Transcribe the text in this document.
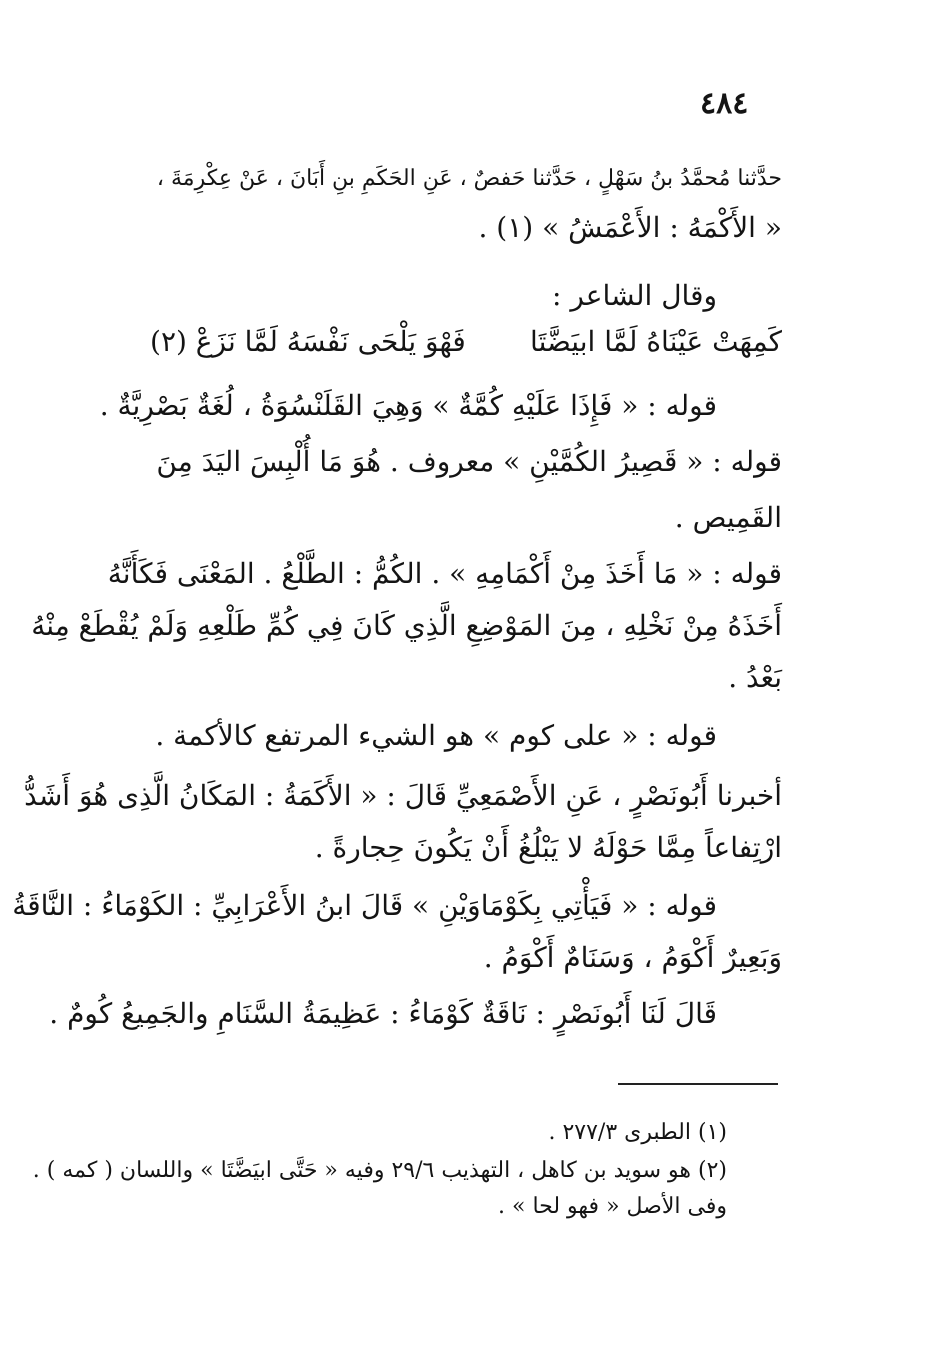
٤٨٤
حدَّثنا مُحمَّدُ بنُ سَهْلٍ ، حَدَّثنا حَفصٌ ، عَنِ الحَكَمِ بنِ أَبَانَ ، عَنْ عِكْرِمَةَ ،
« الأَكْمَهُ : الأَعْمَشُ » (١) .
وقال الشاعر :
كَمِهَتْ عَيْنَاهُ لَمَّا ابيَضَّتَا
فَهْوَ يَلْحَى نَفْسَهُ لَمَّا نَزَعْ (٢)
قوله : « فَإِذَا عَلَيْهِ كُمَّةٌ » وَهِيَ القَلَنْسُوَةُ ، لُغَةٌ بَصْرِيَّةٌ .
قوله : « قَصِيرُ الكُمَّيْنِ » معروف . هُوَ مَا أُلْبِسَ اليَدَ مِنَ
القَمِيص .
قوله : « مَا أَخَذَ مِنْ أَكْمَامِهِ » . الكُمُّ : الطَّلْعُ . المَعْنَى فَكَأَنَّهُ
أَخَذَهُ مِنْ نَخْلِهِ ، مِنَ المَوْضِعِ الَّذِي كَانَ فِي كُمِّ طَلْعِهِ وَلَمْ يُقْطَعْ مِنْهُ
بَعْدُ .
قوله : « على كوم » هو الشيء المرتفع كالأكمة .
أخبرنا أَبُونَصْرٍ ، عَنِ الأَصْمَعِيِّ قَالَ : « الأَكَمَةُ : المَكَانُ الَّذِى هُوَ أَشَدُّ
ارْتِفاعاً مِمَّا حَوْلَهُ لا يَبْلُغُ أَنْ يَكُونَ حِجارةً .
قوله : « فَيَأْتِي بِكَوْمَاوَيْنِ » قَالَ ابنُ الأَعْرَابِيِّ : الكَوْمَاءُ : النَّاقَةُ
وَبَعِيرٌ أَكْوَمُ ، وَسَنَامٌ أَكْوَمُ .
قَالَ لَنَا أَبُونَصْرٍ : نَاقَةٌ كَوْمَاءُ : عَظِيمَةُ السَّنَامِ والجَمِيعُ كُومٌ .
(١) الطبرى ٢٧٧/٣ .
(٢) هو سويد بن كاهل ، التهذيب ٢٩/٦ وفيه « حَتَّى ابيَضَّتَا » واللسان ( كمه ) .
وفى الأصل « فهو لحا » .
